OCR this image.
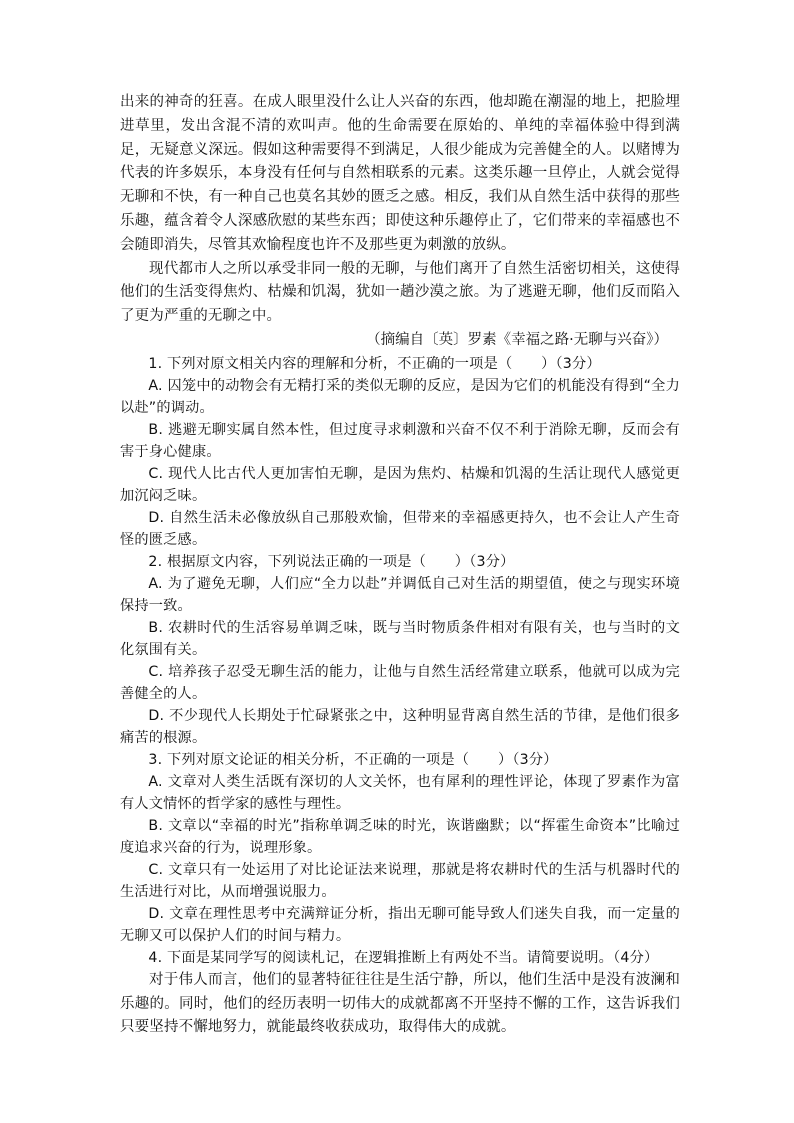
出来的神奇的狂喜。在成人眼里没什么让人兴奋的东西，他却跪在潮湿的地上，把脸埋进草里，发出含混不清的欢叫声。他的生命需要在原始的、单纯的幸福体验中得到满足，无疑意义深远。假如这种需要得不到满足，人很少能成为完善健全的人。以赌博为代表的许多娱乐，本身没有任何与自然相联系的元素。这类乐趣一旦停止，人就会觉得无聊和不快，有一种自己也莫名其妙的匮乏之感。相反，我们从自然生活中获得的那些乐趣，蕴含着令人深感欣慰的某些东西；即使这种乐趣停止了，它们带来的幸福感也不会随即消失，尽管其欢愉程度也许不及那些更为刺激的放纵。

现代都市人之所以承受非同一般的无聊，与他们离开了自然生活密切相关，这使得他们的生活变得焦灼、枯燥和饥渴，犹如一趟沙漠之旅。为了逃避无聊，他们反而陷入了更为严重的无聊之中。

（摘编自〔英〕罗素《幸福之路·无聊与兴奋》）

1. 下列对原文相关内容的理解和分析，不正确的一项是（　　）（3分）

A. 囚笼中的动物会有无精打采的类似无聊的反应，是因为它们的机能没有得到“全力以赴”的调动。

B. 逃避无聊实属自然本性，但过度寻求刺激和兴奋不仅不利于消除无聊，反而会有害于身心健康。

C. 现代人比古代人更加害怕无聊，是因为焦灼、枯燥和饥渴的生活让现代人感觉更加沉闷乏味。

D. 自然生活未必像放纵自己那般欢愉，但带来的幸福感更持久，也不会让人产生奇怪的匮乏感。

2. 根据原文内容，下列说法正确的一项是（　　）（3分）

A. 为了避免无聊，人们应“全力以赴”并调低自己对生活的期望值，使之与现实环境保持一致。

B. 农耕时代的生活容易单调乏味，既与当时物质条件相对有限有关，也与当时的文化氛围有关。

C. 培养孩子忍受无聊生活的能力，让他与自然生活经常建立联系，他就可以成为完善健全的人。

D. 不少现代人长期处于忙碌紧张之中，这种明显背离自然生活的节律，是他们很多痛苦的根源。

3. 下列对原文论证的相关分析，不正确的一项是（　　）（3分）

A. 文章对人类生活既有深切的人文关怀，也有犀利的理性评论，体现了罗素作为富有人文情怀的哲学家的感性与理性。

B. 文章以“幸福的时光”指称单调乏味的时光，诙谐幽默；以“挥霍生命资本”比喻过度追求兴奋的行为，说理形象。

C. 文章只有一处运用了对比论证法来说理，那就是将农耕时代的生活与机器时代的生活进行对比，从而增强说服力。

D. 文章在理性思考中充满辩证分析，指出无聊可能导致人们迷失自我，而一定量的无聊又可以保护人们的时间与精力。

4. 下面是某同学写的阅读札记，在逻辑推断上有两处不当。请简要说明。（4分）

对于伟人而言，他们的显著特征往往是生活宁静，所以，他们生活中是没有波澜和乐趣的。同时，他们的经历表明一切伟大的成就都离不开坚持不懈的工作，这告诉我们只要坚持不懈地努力，就能最终收获成功，取得伟大的成就。
